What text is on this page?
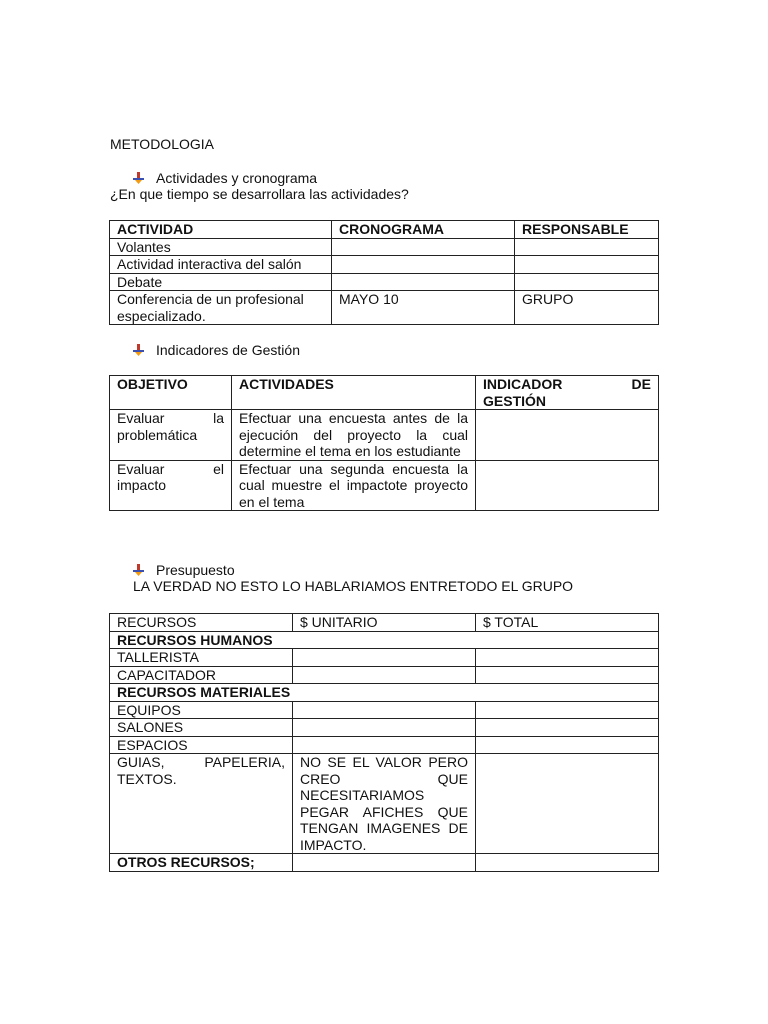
METODOLOGIA
Actividades y cronograma
¿En que tiempo se desarrollara las actividades?
ACTIVIDAD	CRONOGRAMA	RESPONSABLE
Volantes		
Actividad interactiva del salón		
Debate		
Conferencia de un profesional especializado.	MAYO 10	GRUPO
Indicadores de Gestión
OBJETIVO	ACTIVIDADES	INDICADOR DE GESTIÓN
Evaluar la problemática	Efectuar una encuesta antes de la ejecución del proyecto la cual determine el tema en los estudiante	
Evaluar el impacto	Efectuar una segunda encuesta la cual muestre el impactote proyecto en el tema	
Presupuesto
LA VERDAD NO ESTO LO HABLARIAMOS ENTRETODO EL GRUPO
RECURSOS	$ UNITARIO	$ TOTAL
RECURSOS HUMANOS		
TALLERISTA		
CAPACITADOR		
RECURSOS MATERIALES		
EQUIPOS		
SALONES		
ESPACIOS		
GUIAS, PAPELERIA, TEXTOS.	NO SE EL VALOR PERO CREO QUE NECESITARIAMOS PEGAR AFICHES QUE TENGAN IMAGENES DE IMPACTO.	
OTROS RECURSOS;		
